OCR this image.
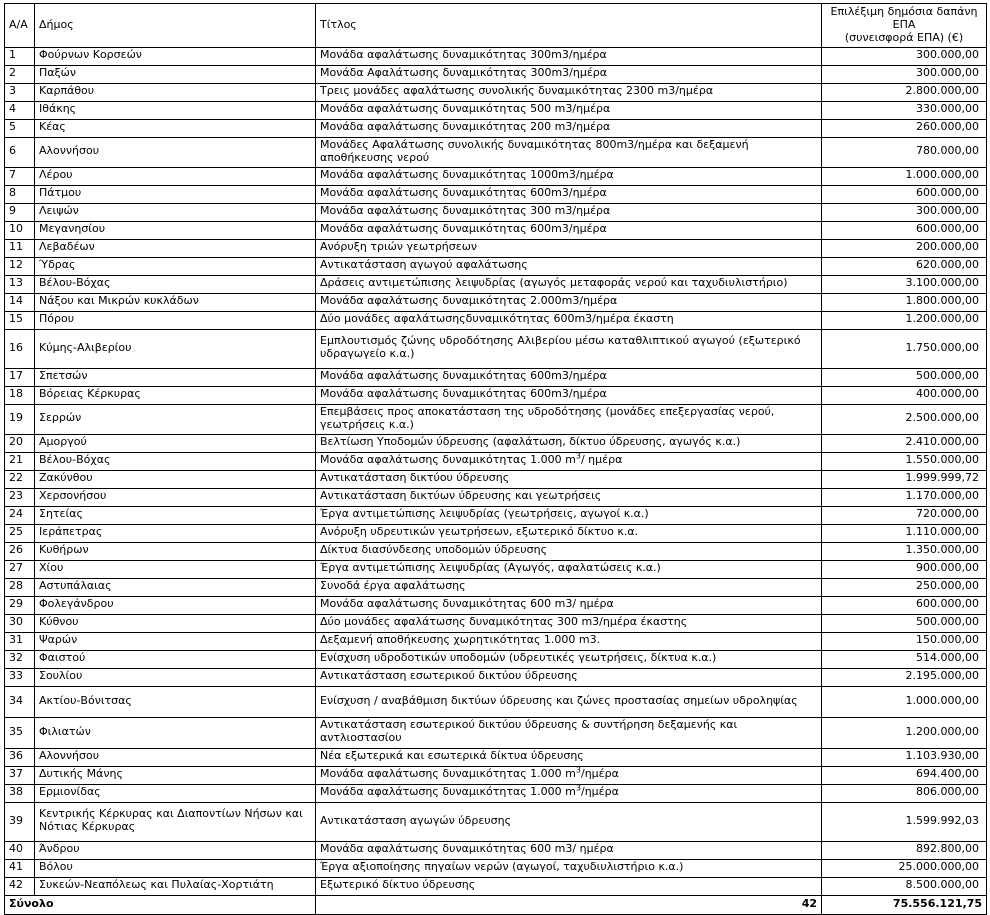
Α/Α	Δήμος	Τίτλος	Επιλέξιμη δημόσια δαπάνη ΕΠΑ
(συνεισφορά ΕΠΑ) (€)

1	Φούρνων Κορσεών	Μονάδα αφαλάτωσης δυναμικότητας 300m3/ημέρα	300.000,00

2	Παξών	Μονάδα Αφαλάτωσης δυναμικότητας 300m3/ημέρα	300.000,00

3	Καρπάθου	Τρεις μονάδες αφαλάτωσης συνολικής δυναμικότητας 2300 m3/ημέρα	2.800.000,00

4	Ιθάκης	Μονάδα αφαλάτωσης δυναμικότητας 500 m3/ημέρα	330.000,00

5	Κέας	Μονάδα αφαλάτωσης δυναμικότητας 200 m3/ημέρα	260.000,00

6	Αλοννήσου	Μονάδες Αφαλάτωσης συνολικής δυναμικότητας 800m3/ημέρα και δεξαμενή αποθήκευσης νερού	780.000,00

7	Λέρου	Μονάδα αφαλάτωσης δυναμικότητας 1000m3/ημέρα	1.000.000,00

8	Πάτμου	Μονάδα αφαλάτωσης δυναμικότητας 600m3/ημέρα	600.000,00

9	Λειψών	Μονάδα αφαλάτωσης δυναμικότητας 300 m3/ημέρα	300.000,00

10	Μεγανησίου	Μονάδα αφαλάτωσης δυναμικότητας 600m3/ημέρα	600.000,00

11	Λεβαδέων	Ανόρυξη τριών γεωτρήσεων	200.000,00

12	Ύδρας	Αντικατάσταση αγωγού αφαλάτωσης	620.000,00

13	Βέλου-Βόχας	Δράσεις αντιμετώπισης λειψυδρίας (αγωγός μεταφοράς νερού και ταχυδιυλιστήριο)	3.100.000,00

14	Νάξου και Μικρών κυκλάδων	Μονάδα αφαλάτωσης δυναμικότητας 2.000m3/ημέρα	1.800.000,00

15	Πόρου	Δύο μονάδες αφαλάτωσηςδυναμικότητας 600m3/ημέρα έκαστη	1.200.000,00

16	Κύμης-Αλιβερίου	Εμπλουτισμός ζώνης υδροδότησης Αλιβερίου μέσω καταθλιπτικού αγωγού (εξωτερικό υδραγωγείο κ.α.)	1.750.000,00

17	Σπετσών	Μονάδα αφαλάτωσης δυναμικότητας 600m3/ημέρα	500.000,00

18	Βόρειας Κέρκυρας	Μονάδα αφαλάτωσης δυναμικότητας 600m3/ημέρα	400.000,00

19	Σερρών	Επεμβάσεις προς αποκατάσταση της υδροδότησης (μονάδες επεξεργασίας νερού, γεωτρήσεις κ.α.)	2.500.000,00

20	Αμοργού	Βελτίωση Υποδομών ύδρευσης (αφαλάτωση, δίκτυο ύδρευσης, αγωγός κ.α.)	2.410.000,00

21	Βέλου-Βόχας	Μονάδα αφαλάτωσης δυναμικότητας 1.000 $m^3/$ ημέρα	1.550.000,00

22	Ζακύνθου	Αντικατάσταση δικτύου ύδρευσης	1.999.999,72

23	Χερσονήσου	Αντικατάσταση δικτύων ύδρευσης και γεωτρήσεις	1.170.000,00

24	Σητείας	Έργα αντιμετώπισης λειψυδρίας (γεωτρήσεις, αγωγοί κ.α.)	720.000,00

25	Ιεράπετρας	Ανόρυξη υδρευτικών γεωτρήσεων, εξωτερικό δίκτυο κ.α.	1.110.000,00

26	Κυθήρων	Δίκτυα διασύνδεσης υποδομών ύδρευσης	1.350.000,00

27	Χίου	Έργα αντιμετώπισης λειψυδρίας (Αγωγός, αφαλατώσεις κ.α.)	900.000,00

28	Αστυπάλαιας	Συνοδά έργα αφαλάτωσης	250.000,00

29	Φολεγάνδρου	Μονάδα αφαλάτωσης δυναμικότητας 600 m3/ ημέρα	600.000,00

30	Κύθνου	Δύο μονάδες αφαλάτωσης δυναμικότητας 300 m3/ημέρα έκαστης	500.000,00

31	Ψαρών	Δεξαμενή αποθήκευσης χωρητικότητας 1.000 m3.	150.000,00

32	Φαιστού	Ενίσχυση υδροδοτικών υποδομών (υδρευτικές γεωτρήσεις, δίκτυα κ.α.)	514.000,00

33	Σουλίου	Αντικατάσταση εσωτερικού δικτύου ύδρευσης	2.195.000,00

34	Ακτίου-Βόνιτσας	Ενίσχυση / αναβάθμιση δικτύων ύδρευσης και ζώνες προστασίας σημείων υδροληψίας	1.000.000,00

35	Φιλιατών	Αντικατάσταση εσωτερικού δικτύου ύδρευσης & συντήρηση δεξαμενής και αντλιοστασίου	1.200.000,00

36	Αλοννήσου	Νέα εξωτερικά και εσωτερικά δίκτυα ύδρευσης	1.103.930,00

37	Δυτικής Μάνης	Μονάδα αφαλάτωσης δυναμικότητας 1.000 $m^3$/ημέρα	694.400,00

38	Ερμιονίδας	Μονάδα αφαλάτωσης δυναμικότητας 1.000 $m^3$/ημέρα	806.000,00

39	Κεντρικής Κέρκυρας και Διαποντίων Νήσων και Νότιας Κέρκυρας	Αντικατάσταση αγωγών ύδρευσης	1.599.992,03

40	Άνδρου	Μονάδα αφαλάτωσης δυναμικότητας 600 m3/ ημέρα	892.800,00

41	Βόλου	Έργα αξιοποίησης πηγαίων νερών (αγωγοί, ταχυδιυλιστήριο κ.α.)	25.000.000,00

42	Συκεών-Νεαπόλεως και Πυλαίας-Χορτιάτη	Εξωτερικό δίκτυο ύδρευσης	8.500.000,00

Σύνολο		42	75.556.121,75
